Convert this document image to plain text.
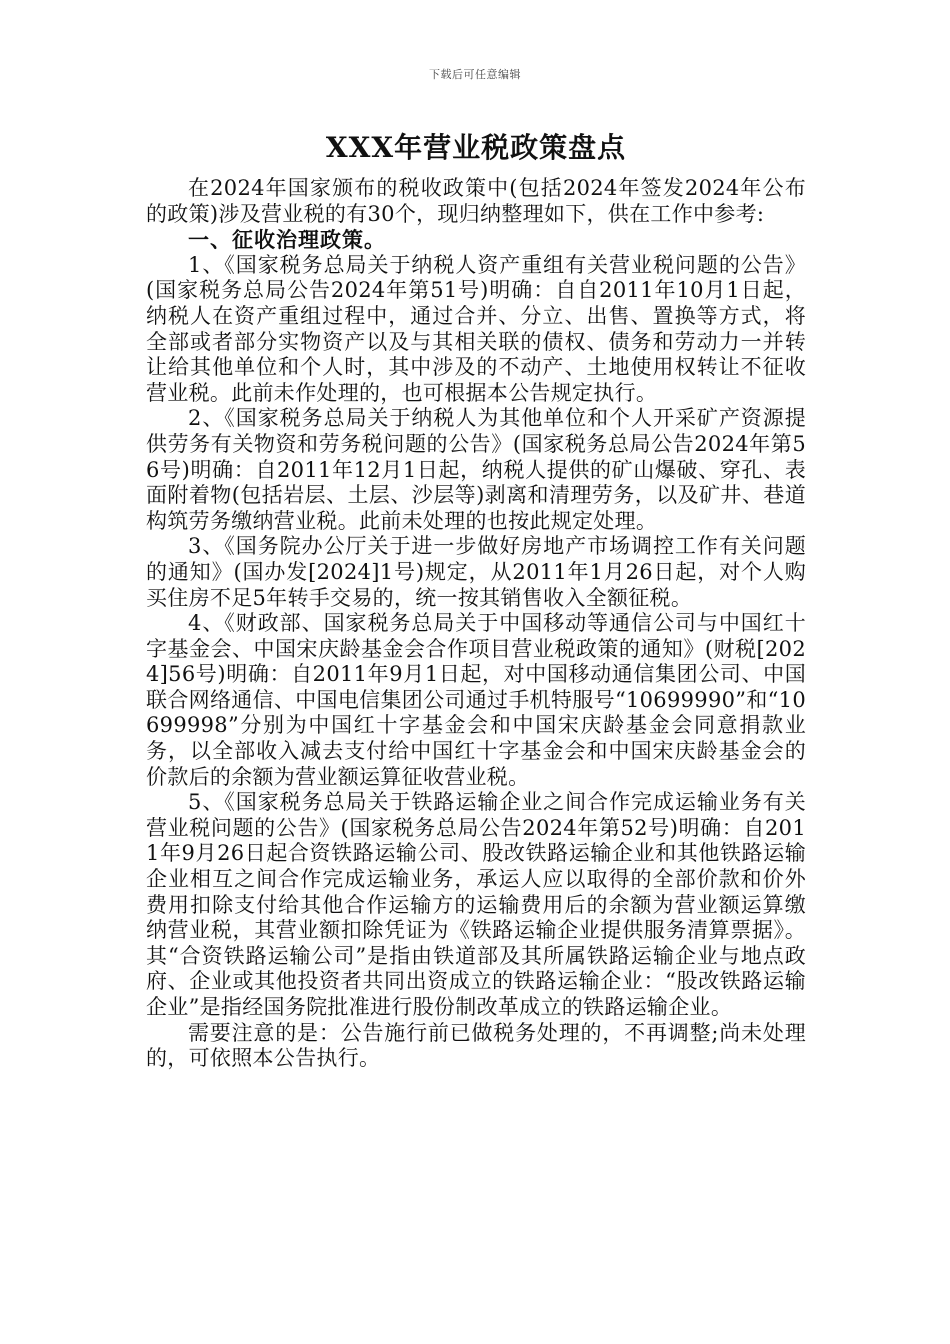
下载后可任意编辑
XXX年营业税政策盘点

在2024年国家颁布的税收政策中(包括2024年签发2024年公布的政策)涉及营业税的有30个，现归纳整理如下，供在工作中参考:

一、征收治理政策。

1、《国家税务总局关于纳税人资产重组有关营业税问题的公告》(国家税务总局公告2024年第51号)明确：自自2011年10月1日起，纳税人在资产重组过程中，通过合并、分立、出售、置换等方式，将全部或者部分实物资产以及与其相关联的债权、债务和劳动力一并转让给其他单位和个人时，其中涉及的不动产、土地使用权转让不征收营业税。此前未作处理的，也可根据本公告规定执行。

2、《国家税务总局关于纳税人为其他单位和个人开采矿产资源提供劳务有关物资和劳务税问题的公告》(国家税务总局公告2024年第56号)明确：自2011年12月1日起，纳税人提供的矿山爆破、穿孔、表面附着物(包括岩层、土层、沙层等)剥离和清理劳务，以及矿井、巷道构筑劳务缴纳营业税。此前未处理的也按此规定处理。

3、《国务院办公厅关于进一步做好房地产市场调控工作有关问题的通知》(国办发[2024]1号)规定，从2011年1月26日起，对个人购买住房不足5年转手交易的，统一按其销售收入全额征税。

4、《财政部、国家税务总局关于中国移动等通信公司与中国红十字基金会、中国宋庆龄基金会合作项目营业税政策的通知》(财税[2024]56号)明确：自2011年9月1日起，对中国移动通信集团公司、中国联合网络通信、中国电信集团公司通过手机特服号“10699990”和“10699998”分别为中国红十字基金会和中国宋庆龄基金会同意捐款业务，以全部收入减去支付给中国红十字基金会和中国宋庆龄基金会的价款后的余额为营业额运算征收营业税。

5、《国家税务总局关于铁路运输企业之间合作完成运输业务有关营业税问题的公告》(国家税务总局公告2024年第52号)明确：自2011年9月26日起合资铁路运输公司、股改铁路运输企业和其他铁路运输企业相互之间合作完成运输业务，承运人应以取得的全部价款和价外费用扣除支付给其他合作运输方的运输费用后的余额为营业额运算缴纳营业税，其营业额扣除凭证为《铁路运输企业提供服务清算票据》。其“合资铁路运输公司”是指由铁道部及其所属铁路运输企业与地点政府、企业或其他投资者共同出资成立的铁路运输企业：“股改铁路运输企业”是指经国务院批准进行股份制改革成立的铁路运输企业。

需要注意的是：公告施行前已做税务处理的，不再调整;尚未处理的，可依照本公告执行。
